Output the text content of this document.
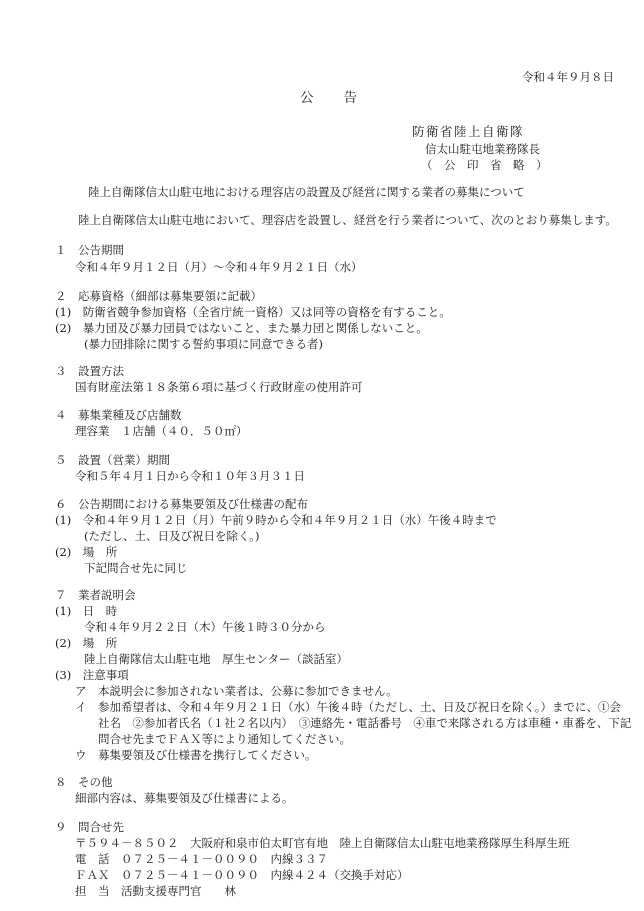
令和４年９月８日

公　　告

防衛省陸上自衛隊

信太山駐屯地業務隊長

（　公　印　省　略　）

陸上自衛隊信太山駐屯地における理容店の設置及び経営に関する業者の募集について

陸上自衛隊信太山駐屯地において、理容店を設置し、経営を行う業者について、次のとおり募集します。

１　公告期間

令和４年９月１２日（月）～令和４年９月２１日（水）

２　応募資格（細部は募集要領に記載）

(1)　防衛省競争参加資格（全省庁統一資格）又は同等の資格を有すること。

(2)　暴力団及び暴力団員ではないこと、また暴力団と関係しないこと。

(暴力団排除に関する誓約事項に同意できる者)

３　設置方法

国有財産法第１８条第６項に基づく行政財産の使用許可

４　募集業種及び店舗数

理容業　１店舗（４０．５０㎡）

５　設置（営業）期間

令和５年４月１日から令和１０年３月３１日

６　公告期間における募集要領及び仕様書の配布

(1)　令和４年９月１２日（月）午前９時から令和４年９月２１日（水）午後４時まで

(ただし、土、日及び祝日を除く。)

(2)　場　所

下記問合せ先に同じ

７　業者説明会

(1)　日　時

令和４年９月２２日（木）午後１時３０分から

(2)　場　所

陸上自衛隊信太山駐屯地　厚生センター（談話室）

(3)　注意事項

ア　本説明会に参加されない業者は、公募に参加できません。

イ　参加希望者は、令和４年９月２１日（水）午後４時（ただし、土、日及び祝日を除く。）までに、①会

社名　②参加者氏名（１社２名以内）　③連絡先・電話番号　④車で来隊される方は車種・車番を、下記

問合せ先までＦＡＸ等により通知してください。

ウ　募集要領及び仕様書を携行してください。

８　その他

細部内容は、募集要領及び仕様書による。

９　問合せ先

〒５９４－８５０２　大阪府和泉市伯太町官有地　陸上自衛隊信太山駐屯地業務隊厚生科厚生班

電　話　０７２５－４１－００９０　内線３３７

ＦＡＸ　０７２５－４１－００９０　内線４２４（交換手対応）

担　当　活動支援専門官　　林
